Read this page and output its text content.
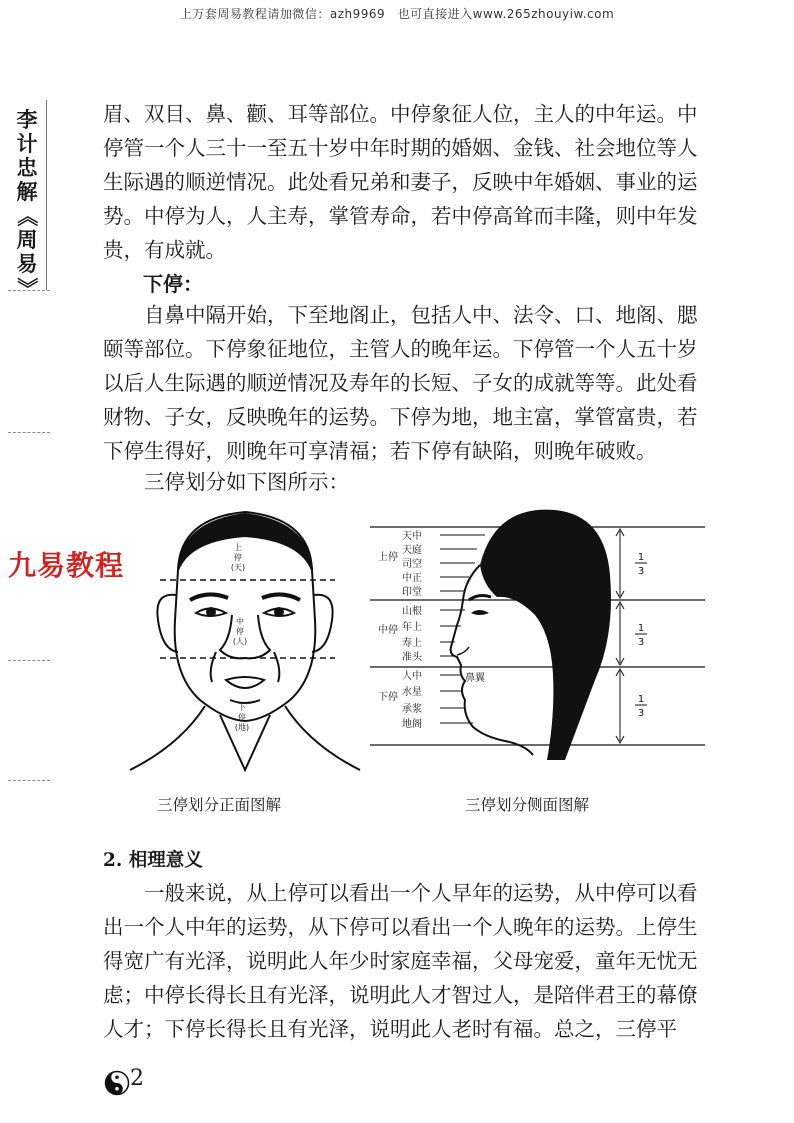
上万套周易教程请加微信：azh9969　也可直接进入www.265zhouyiw.com
李
计
忠
解
《
周
易
》
九易教程

眉、双目、鼻、颧、耳等部位。中停象征人位，主人的中年运。中

停管一个人三十一至五十岁中年时期的婚姻、金钱、社会地位等人

生际遇的顺逆情况。此处看兄弟和妻子，反映中年婚姻、事业的运

势。中停为人，人主寿，掌管寿命，若中停高耸而丰隆，则中年发

贵，有成就。

下停：

自鼻中隔开始，下至地阁止，包括人中、法令、口、地阁、腮

颐等部位。下停象征地位，主管人的晚年运。下停管一个人五十岁

以后人生际遇的顺逆情况及寿年的长短、子女的成就等等。此处看

财物、子女，反映晚年的运势。下停为地，地主富，掌管富贵，若

下停生得好，则晚年可享清福；若下停有缺陷，则晚年破败。

三停划分如下图所示：

上
停
(天)
中
停
(人)
下
停
(地)
上停
中停
下停
天中
天庭
司空
中正
印堂
山根
年上
寿上
准头
人中
水星
承浆
地阁
鼻翼
1
3
1
3
1
3
三停划分正面图解	三停划分侧面图解
2. 相理意义

一般来说，从上停可以看出一个人早年的运势，从中停可以看

出一个人中年的运势，从下停可以看出一个人晚年的运势。上停生

得宽广有光泽，说明此人年少时家庭幸福，父母宠爱，童年无忧无

虑；中停长得长且有光泽，说明此人才智过人，是陪伴君王的幕僚

人才；下停长得长且有光泽，说明此人老时有福。总之，三停平

2
